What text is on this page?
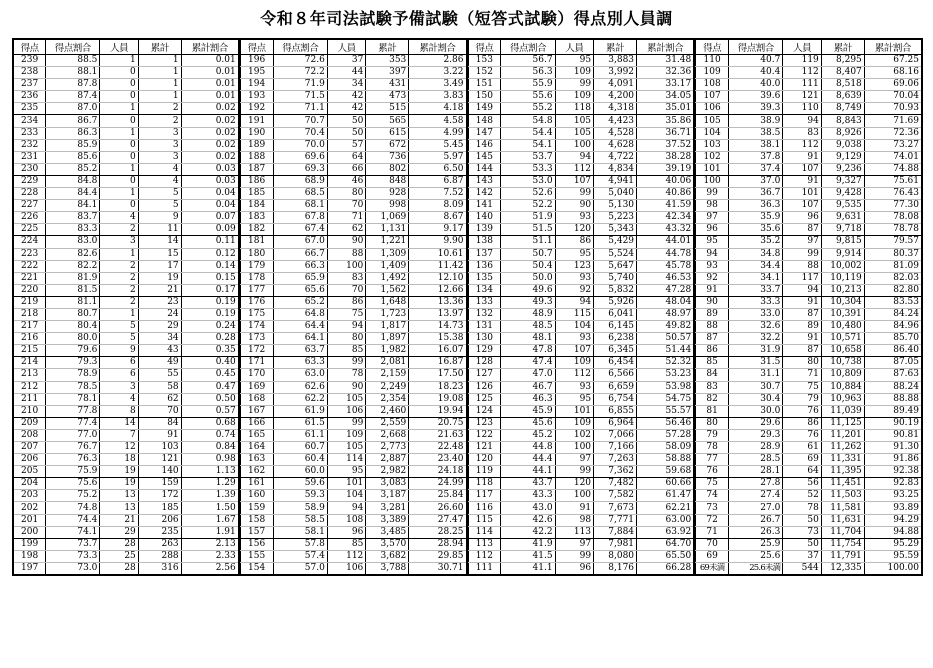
令和８年司法試験予備試験（短答式試験）得点別人員調
得点	得点割合	人員	累計	累計割合
239	88.5	1	1	0.01
238	88.1	0	1	0.01
237	87.8	0	1	0.01
236	87.4	0	1	0.01
235	87.0	1	2	0.02
234	86.7	0	2	0.02
233	86.3	1	3	0.02
232	85.9	0	3	0.02
231	85.6	0	3	0.02
230	85.2	1	4	0.03
229	84.8	0	4	0.03
228	84.4	1	5	0.04
227	84.1	0	5	0.04
226	83.7	4	9	0.07
225	83.3	2	11	0.09
224	83.0	3	14	0.11
223	82.6	1	15	0.12
222	82.2	2	17	0.14
221	81.9	2	19	0.15
220	81.5	2	21	0.17
219	81.1	2	23	0.19
218	80.7	1	24	0.19
217	80.4	5	29	0.24
216	80.0	5	34	0.28
215	79.6	9	43	0.35
214	79.3	6	49	0.40
213	78.9	6	55	0.45
212	78.5	3	58	0.47
211	78.1	4	62	0.50
210	77.8	8	70	0.57
209	77.4	14	84	0.68
208	77.0	7	91	0.74
207	76.7	12	103	0.84
206	76.3	18	121	0.98
205	75.9	19	140	1.13
204	75.6	19	159	1.29
203	75.2	13	172	1.39
202	74.8	13	185	1.50
201	74.4	21	206	1.67
200	74.1	29	235	1.91
199	73.7	28	263	2.13
198	73.3	25	288	2.33
197	73.0	28	316	2.56
得点	得点割合	人員	累計	累計割合
196	72.6	37	353	2.86
195	72.2	44	397	3.22
194	71.9	34	431	3.49
193	71.5	42	473	3.83
192	71.1	42	515	4.18
191	70.7	50	565	4.58
190	70.4	50	615	4.99
189	70.0	57	672	5.45
188	69.6	64	736	5.97
187	69.3	66	802	6.50
186	68.9	46	848	6.87
185	68.5	80	928	7.52
184	68.1	70	998	8.09
183	67.8	71	1,069	8.67
182	67.4	62	1,131	9.17
181	67.0	90	1,221	9.90
180	66.7	88	1,309	10.61
179	66.3	100	1,409	11.42
178	65.9	83	1,492	12.10
177	65.6	70	1,562	12.66
176	65.2	86	1,648	13.36
175	64.8	75	1,723	13.97
174	64.4	94	1,817	14.73
173	64.1	80	1,897	15.38
172	63.7	85	1,982	16.07
171	63.3	99	2,081	16.87
170	63.0	78	2,159	17.50
169	62.6	90	2,249	18.23
168	62.2	105	2,354	19.08
167	61.9	106	2,460	19.94
166	61.5	99	2,559	20.75
165	61.1	109	2,668	21.63
164	60.7	105	2,773	22.48
163	60.4	114	2,887	23.40
162	60.0	95	2,982	24.18
161	59.6	101	3,083	24.99
160	59.3	104	3,187	25.84
159	58.9	94	3,281	26.60
158	58.5	108	3,389	27.47
157	58.1	96	3,485	28.25
156	57.8	85	3,570	28.94
155	57.4	112	3,682	29.85
154	57.0	106	3,788	30.71
得点	得点割合	人員	累計	累計割合
153	56.7	95	3,883	31.48
152	56.3	109	3,992	32.36
151	55.9	99	4,091	33.17
150	55.6	109	4,200	34.05
149	55.2	118	4,318	35.01
148	54.8	105	4,423	35.86
147	54.4	105	4,528	36.71
146	54.1	100	4,628	37.52
145	53.7	94	4,722	38.28
144	53.3	112	4,834	39.19
143	53.0	107	4,941	40.06
142	52.6	99	5,040	40.86
141	52.2	90	5,130	41.59
140	51.9	93	5,223	42.34
139	51.5	120	5,343	43.32
138	51.1	86	5,429	44.01
137	50.7	95	5,524	44.78
136	50.4	123	5,647	45.78
135	50.0	93	5,740	46.53
134	49.6	92	5,832	47.28
133	49.3	94	5,926	48.04
132	48.9	115	6,041	48.97
131	48.5	104	6,145	49.82
130	48.1	93	6,238	50.57
129	47.8	107	6,345	51.44
128	47.4	109	6,454	52.32
127	47.0	112	6,566	53.23
126	46.7	93	6,659	53.98
125	46.3	95	6,754	54.75
124	45.9	101	6,855	55.57
123	45.6	109	6,964	56.46
122	45.2	102	7,066	57.28
121	44.8	100	7,166	58.09
120	44.4	97	7,263	58.88
119	44.1	99	7,362	59.68
118	43.7	120	7,482	60.66
117	43.3	100	7,582	61.47
116	43.0	91	7,673	62.21
115	42.6	98	7,771	63.00
114	42.2	113	7,884	63.92
113	41.9	97	7,981	64.70
112	41.5	99	8,080	65.50
111	41.1	96	8,176	66.28
得点	得点割合	人員	累計	累計割合
110	40.7	119	8,295	67.25
109	40.4	112	8,407	68.16
108	40.0	111	8,518	69.06
107	39.6	121	8,639	70.04
106	39.3	110	8,749	70.93
105	38.9	94	8,843	71.69
104	38.5	83	8,926	72.36
103	38.1	112	9,038	73.27
102	37.8	91	9,129	74.01
101	37.4	107	9,236	74.88
100	37.0	91	9,327	75.61
99	36.7	101	9,428	76.43
98	36.3	107	9,535	77.30
97	35.9	96	9,631	78.08
96	35.6	87	9,718	78.78
95	35.2	97	9,815	79.57
94	34.8	99	9,914	80.37
93	34.4	88	10,002	81.09
92	34.1	117	10,119	82.03
91	33.7	94	10,213	82.80
90	33.3	91	10,304	83.53
89	33.0	87	10,391	84.24
88	32.6	89	10,480	84.96
87	32.2	91	10,571	85.70
86	31.9	87	10,658	86.40
85	31.5	80	10,738	87.05
84	31.1	71	10,809	87.63
83	30.7	75	10,884	88.24
82	30.4	79	10,963	88.88
81	30.0	76	11,039	89.49
80	29.6	86	11,125	90.19
79	29.3	76	11,201	90.81
78	28.9	61	11,262	91.30
77	28.5	69	11,331	91.86
76	28.1	64	11,395	92.38
75	27.8	56	11,451	92.83
74	27.4	52	11,503	93.25
73	27.0	78	11,581	93.89
72	26.7	50	11,631	94.29
71	26.3	73	11,704	94.88
70	25.9	50	11,754	95.29
69	25.6	37	11,791	95.59
69未満	25.6未満	544	12,335	100.00
